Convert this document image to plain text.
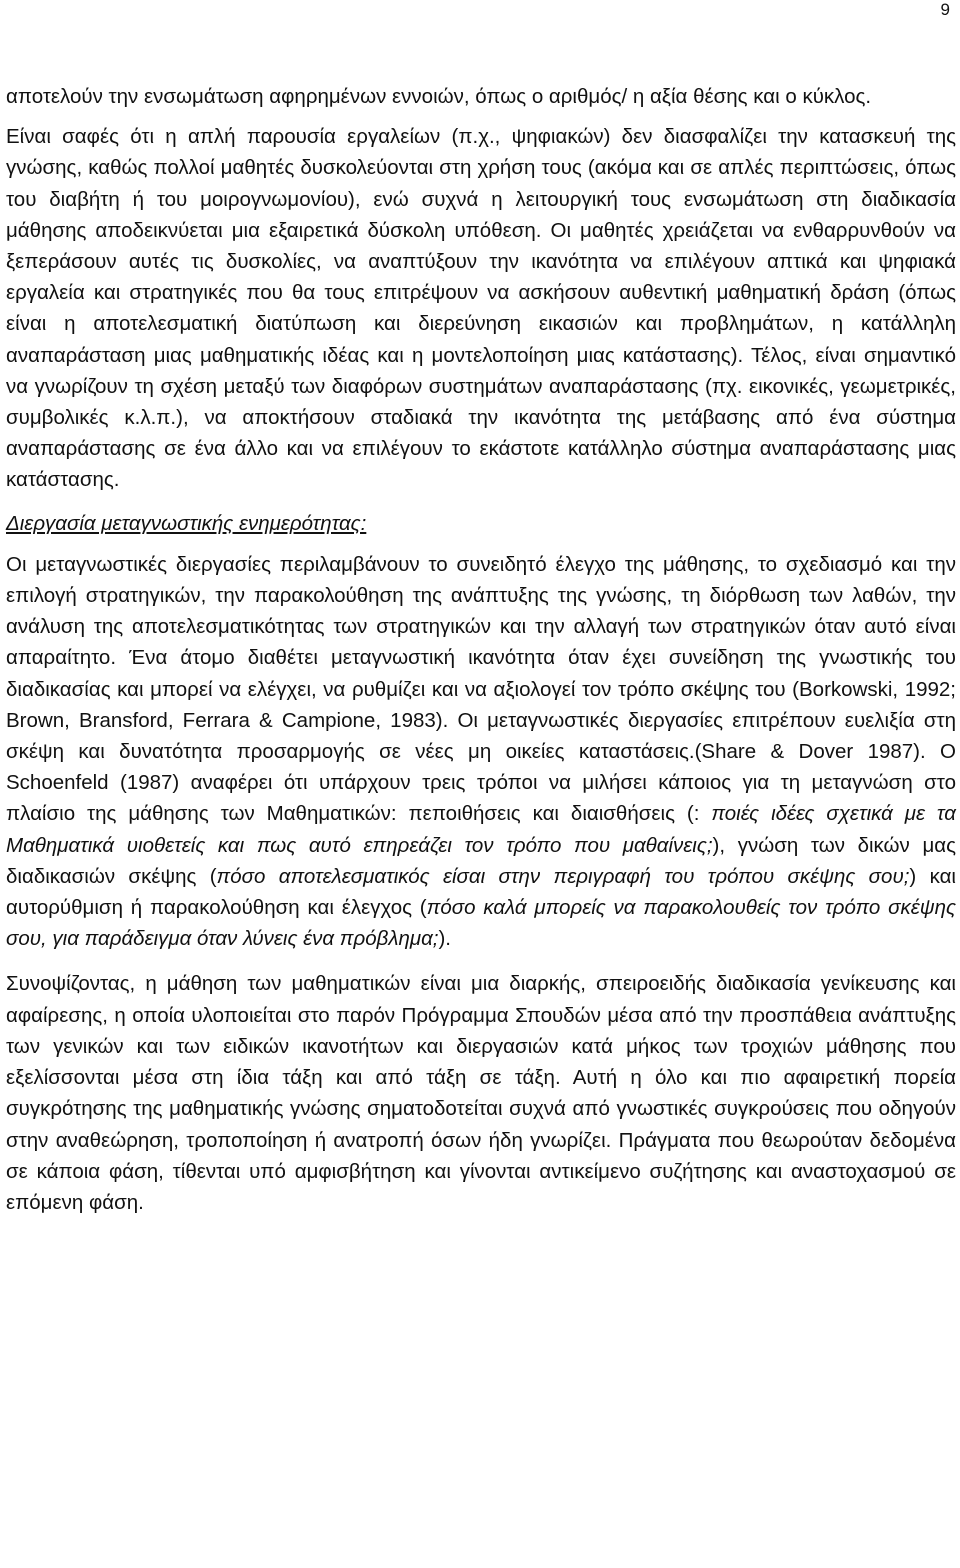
9

αποτελούν την ενσωμάτωση αφηρημένων εννοιών, όπως ο αριθμός/ η αξία θέσης και ο κύκλος.

Είναι σαφές ότι η απλή παρουσία εργαλείων (π.χ., ψηφιακών) δεν διασφαλίζει την κατασκευή της γνώσης, καθώς πολλοί μαθητές δυσκολεύονται στη χρήση τους (ακόμα και σε απλές περιπτώσεις, όπως του διαβήτη ή του μοιρογνωμονίου), ενώ συχνά η λειτουργική τους ενσωμάτωση στη διαδικασία μάθησης αποδεικνύεται μια εξαιρετικά δύσκολη υπόθεση. Οι μαθητές χρειάζεται να ενθαρρυνθούν να ξεπεράσουν αυτές τις δυσκολίες, να αναπτύξουν την ικανότητα να επιλέγουν απτικά και ψηφιακά εργαλεία και στρατηγικές που θα τους επιτρέψουν να ασκήσουν αυθεντική μαθηματική δράση (όπως είναι η αποτελεσματική διατύπωση και διερεύνηση εικασιών και προβλημάτων, η κατάλληλη αναπαράσταση μιας μαθηματικής ιδέας και η μοντελοποίηση μιας κατάστασης). Τέλος, είναι σημαντικό να γνωρίζουν τη σχέση μεταξύ των διαφόρων συστημάτων αναπαράστασης (πχ. εικονικές, γεωμετρικές, συμβολικές κ.λ.π.), να αποκτήσουν σταδιακά την ικανότητα της μετάβασης από ένα σύστημα αναπαράστασης σε ένα άλλο και να επιλέγουν το εκάστοτε κατάλληλο σύστημα αναπαράστασης μιας κατάστασης.

Διεργασία μεταγνωστικής ενημερότητας:

Οι μεταγνωστικές διεργασίες περιλαμβάνουν το συνειδητό έλεγχο της μάθησης, το σχεδιασμό και την επιλογή στρατηγικών, την παρακολούθηση της ανάπτυξης της γνώσης, τη διόρθωση των λαθών, την ανάλυση της αποτελεσματικότητας των στρατηγικών και την αλλαγή των στρατηγικών όταν αυτό είναι απαραίτητο. Ένα άτομο διαθέτει μεταγνωστική ικανότητα όταν έχει συνείδηση της γνωστικής του διαδικασίας και μπορεί να ελέγχει, να ρυθμίζει και να αξιολογεί τον τρόπο σκέψης του (Borkowski, 1992; Brown, Bransford, Ferrara & Campione, 1983). Οι μεταγνωστικές διεργασίες επιτρέπουν ευελιξία στη σκέψη και δυνατότητα προσαρμογής σε νέες μη οικείες καταστάσεις.(Share & Dover 1987). Ο Schoenfeld (1987) αναφέρει ότι υπάρχουν τρεις τρόποι να μιλήσει κάποιος για τη μεταγνώση στο πλαίσιο της μάθησης των Μαθηματικών: πεποιθήσεις και διαισθήσεις (: ποιές ιδέες σχετικά με τα Μαθηματικά υιοθετείς και πως αυτό επηρεάζει τον τρόπο που μαθαίνεις;), γνώση των δικών μας διαδικασιών σκέψης (πόσο αποτελεσματικός είσαι στην περιγραφή του τρόπου σκέψης σου;) και αυτορύθμιση ή παρακολούθηση και έλεγχος (πόσο καλά μπορείς να παρακολουθείς τον τρόπο σκέψης σου, για παράδειγμα όταν λύνεις ένα πρόβλημα;).

Συνοψίζοντας, η μάθηση των μαθηματικών είναι μια διαρκής, σπειροειδής διαδικασία γενίκευσης και αφαίρεσης, η οποία υλοποιείται στο παρόν Πρόγραμμα Σπουδών μέσα από την προσπάθεια ανάπτυξης των γενικών και των ειδικών ικανοτήτων και διεργασιών κατά μήκος των τροχιών μάθησης που εξελίσσονται μέσα στη ίδια τάξη και από τάξη σε τάξη. Αυτή η όλο και πιο αφαιρετική πορεία συγκρότησης της μαθηματικής γνώσης σηματοδοτείται συχνά από γνωστικές συγκρούσεις που οδηγούν στην αναθεώρηση, τροποποίηση ή ανατροπή όσων ήδη γνωρίζει. Πράγματα που θεωρούταν δεδομένα σε κάποια φάση, τίθενται υπό αμφισβήτηση και γίνονται αντικείμενο συζήτησης και αναστοχασμού σε επόμενη φάση.
